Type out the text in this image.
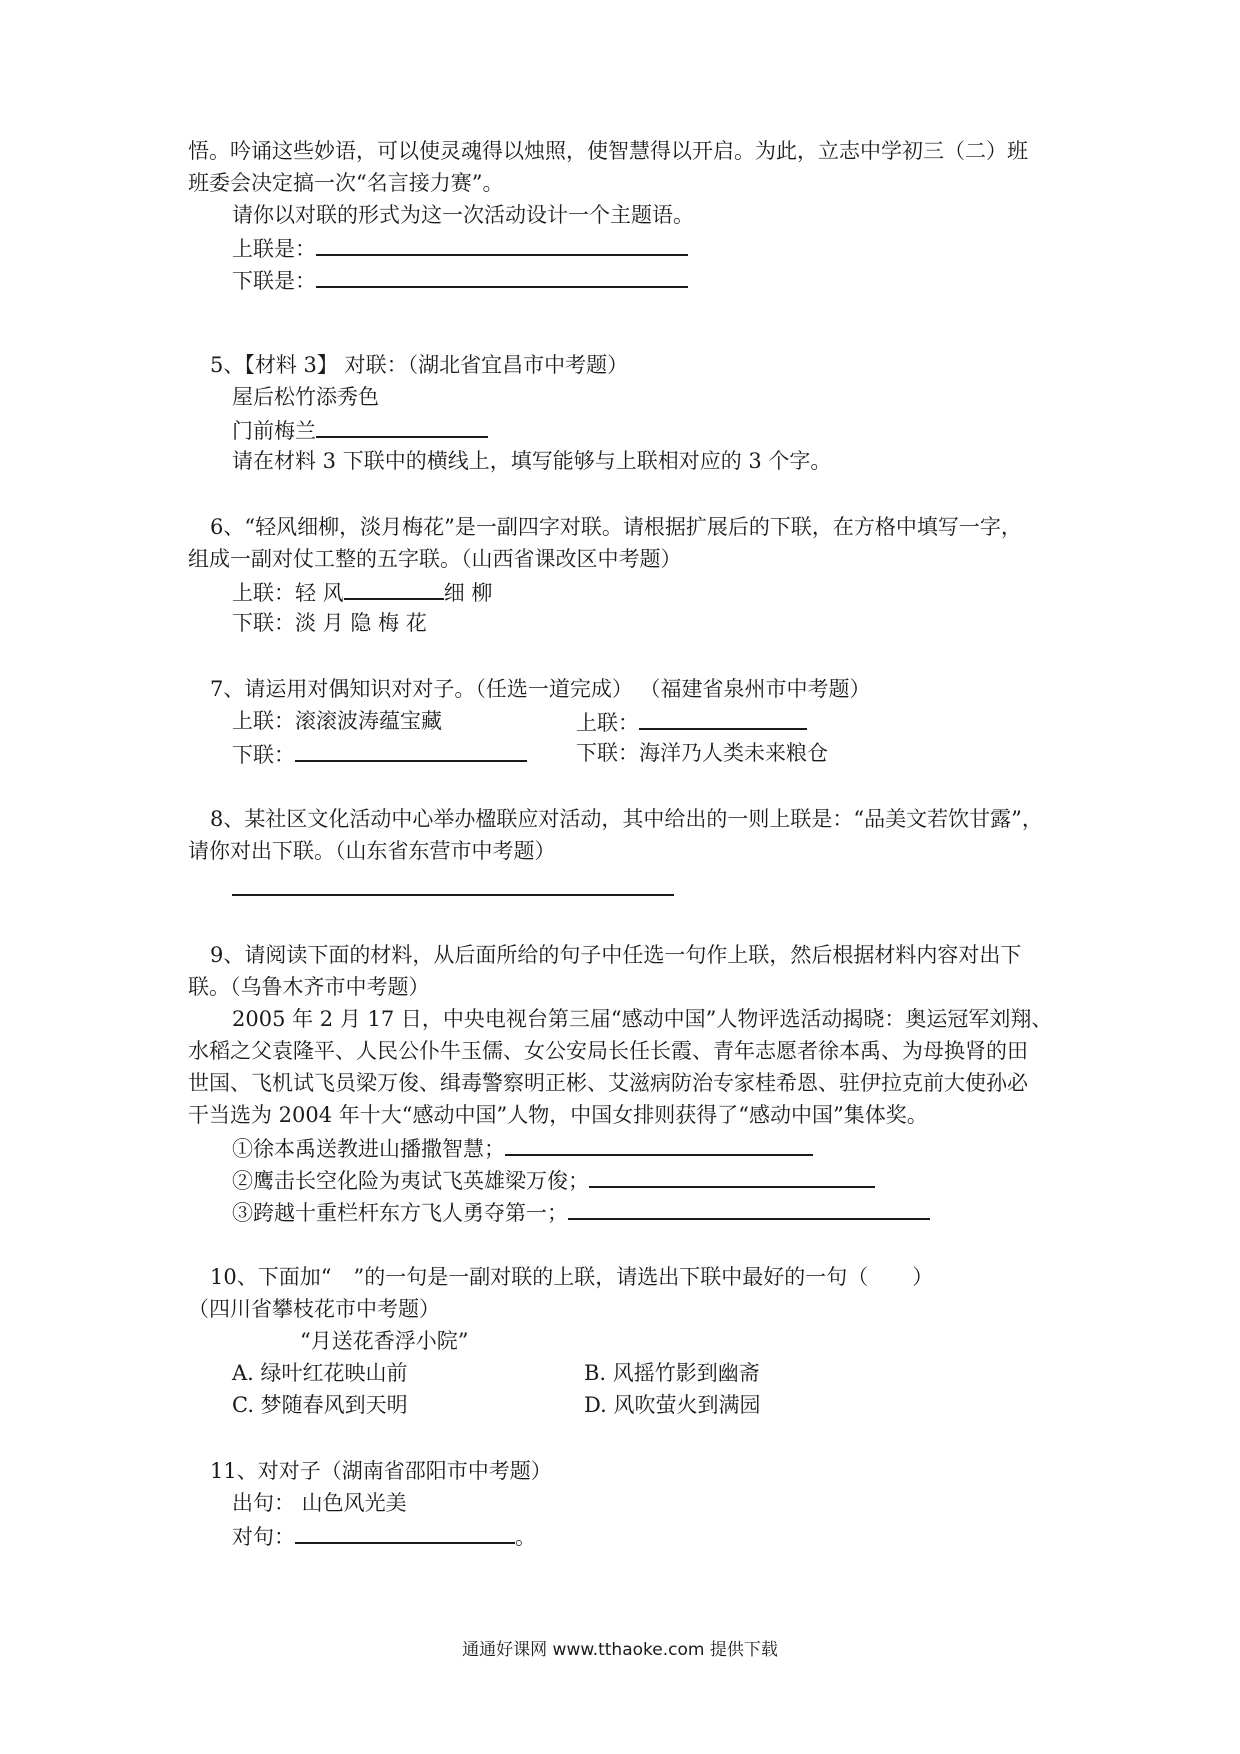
悟。吟诵这些妙语，可以使灵魂得以烛照，使智慧得以开启。为此，立志中学初三（二）班
班委会决定搞一次“名言接力赛”。
请你以对联的形式为这一次活动设计一个主题语。
上联是：
下联是：
5、【材料 3】 对联：（湖北省宜昌市中考题）
屋后松竹添秀色
门前梅兰
请在材料 3 下联中的横线上，填写能够与上联相对应的 3 个字。
6、“轻风细柳，淡月梅花”是一副四字对联。请根据扩展后的下联，在方格中填写一字，
组成一副对仗工整的五字联。（山西省课改区中考题）
上联：轻 风	细 柳
下联：淡 月 隐 梅 花
7、请运用对偶知识对对子。（任选一道完成） （福建省泉州市中考题）
上联：滚滚波涛蕴宝藏	上联：
下联：	下联：海洋乃人类未来粮仓
8、某社区文化活动中心举办楹联应对活动，其中给出的一则上联是：“品美文若饮甘露”，
请你对出下联。（山东省东营市中考题）
9、请阅读下面的材料，从后面所给的句子中任选一句作上联，然后根据材料内容对出下
联。（乌鲁木齐市中考题）
2005 年 2 月 17 日，中央电视台第三届“感动中国”人物评选活动揭晓：奥运冠军刘翔、
水稻之父袁隆平、人民公仆牛玉儒、女公安局长任长霞、青年志愿者徐本禹、为母换肾的田
世国、飞机试飞员梁万俊、缉毒警察明正彬、艾滋病防治专家桂希恩、驻伊拉克前大使孙必
干当选为 2004 年十大“感动中国”人物，中国女排则获得了“感动中国”集体奖。
①徐本禹送教进山播撒智慧；
②鹰击长空化险为夷试飞英雄梁万俊；
③跨越十重栏杆东方飞人勇夺第一；
10、下面加“ ”的一句是一副对联的上联，请选出下联中最好的一句（ ）
（四川省攀枝花市中考题）
“月送花香浮小院”
A. 绿叶红花映山前	B. 风摇竹影到幽斋
C. 梦随春风到天明	D. 风吹萤火到满园
11、对对子（湖南省邵阳市中考题）
出句： 山色风光美
对句：	。
通通好课网 www.tthaoke.com 提供下载
